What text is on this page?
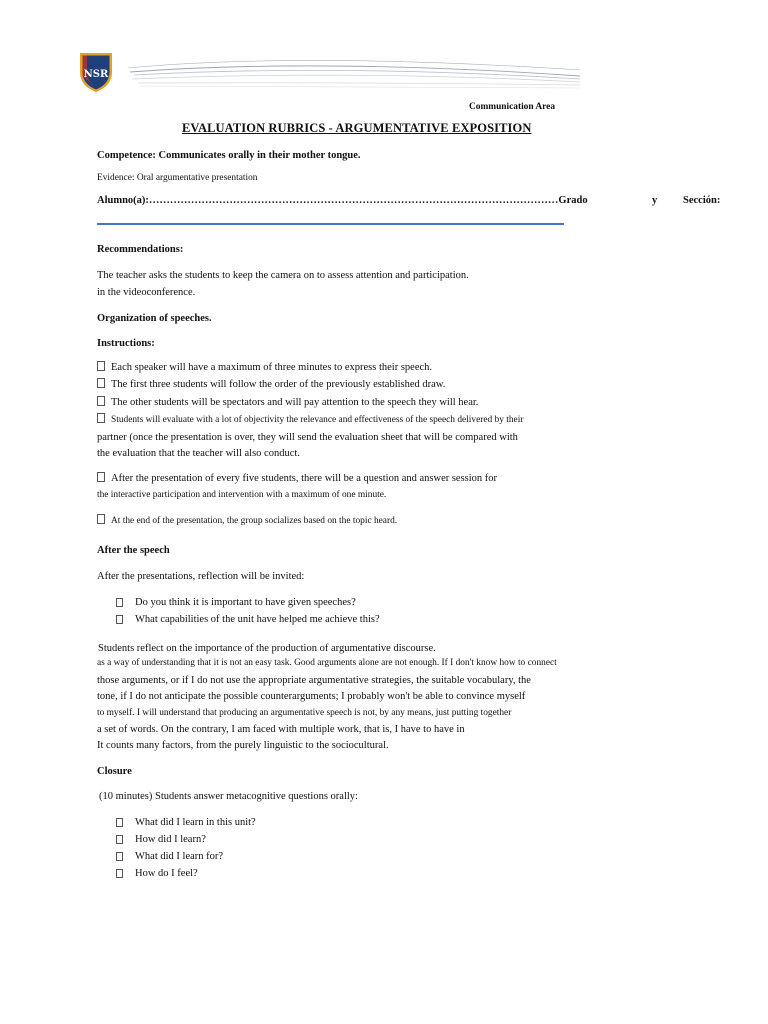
NSR
Communication Area
EVALUATION RUBRICS - ARGUMENTATIVE EXPOSITION
Competence: Communicates orally in their mother tongue.
Evidence: Oral argumentative presentation
Alumno(a):………………………………………………………………………………………………………Grado	y Sección:
Recommendations:
The teacher asks the students to keep the camera on to assess attention and participation.
in the videoconference.
Organization of speeches.
Instructions:
Each speaker will have a maximum of three minutes to express their speech.
The first three students will follow the order of the previously established draw.
The other students will be spectators and will pay attention to the speech they will hear.
Students will evaluate with a lot of objectivity the relevance and effectiveness of the speech delivered by their
partner (once the presentation is over, they will send the evaluation sheet that will be compared with
the evaluation that the teacher will also conduct.
After the presentation of every five students, there will be a question and answer session for
the interactive participation and intervention with a maximum of one minute.
At the end of the presentation, the group socializes based on the topic heard.
After the speech
After the presentations, reflection will be invited:
Do you think it is important to have given speeches?
What capabilities of the unit have helped me achieve this?
Students reflect on the importance of the production of argumentative discourse.
as a way of understanding that it is not an easy task. Good arguments alone are not enough. If I don't know how to connect
those arguments, or if I do not use the appropriate argumentative strategies, the suitable vocabulary, the
tone, if I do not anticipate the possible counterarguments; I probably won't be able to convince myself
to myself. I will understand that producing an argumentative speech is not, by any means, just putting together
a set of words. On the contrary, I am faced with multiple work, that is, I have to have in
It counts many factors, from the purely linguistic to the sociocultural.
Closure
(10 minutes) Students answer metacognitive questions orally:
What did I learn in this unit?
How did I learn?
What did I learn for?
How do I feel?
